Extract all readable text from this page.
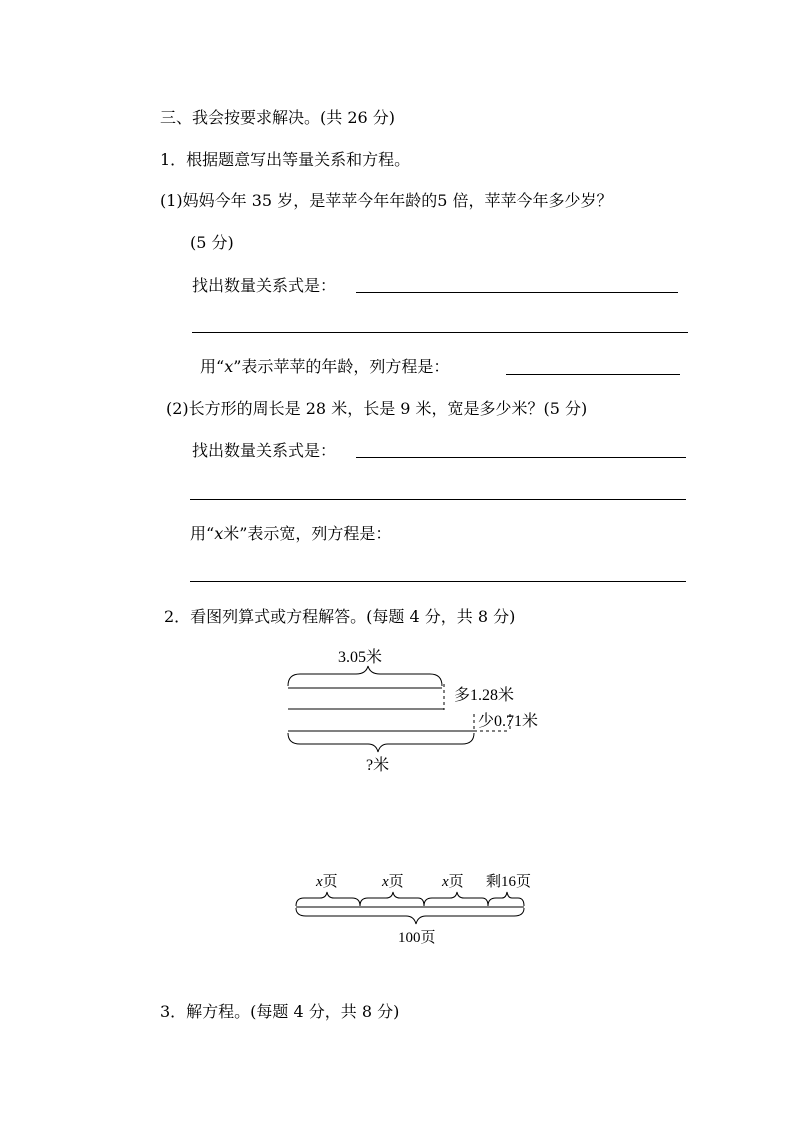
三、我会按要求解决。(共 26 分)
1．根据题意写出等量关系和方程。
(1)妈妈今年 35 岁，是苹苹今年年龄的5 倍，苹苹今年多少岁？
(5 分)
找出数量关系式是：
用“x”表示苹苹的年龄，列方程是：
(2)长方形的周长是 28 米，长是 9 米，宽是多少米？(5 分)
找出数量关系式是：
用“x米”表示宽，列方程是：
2．看图列算式或方程解答。(每题 4 分，共 8 分)
3.05米
多1.28米
少0.71米
?米
x页	x页	x页 剩16页
100页
3．解方程。(每题 4 分，共 8 分)
